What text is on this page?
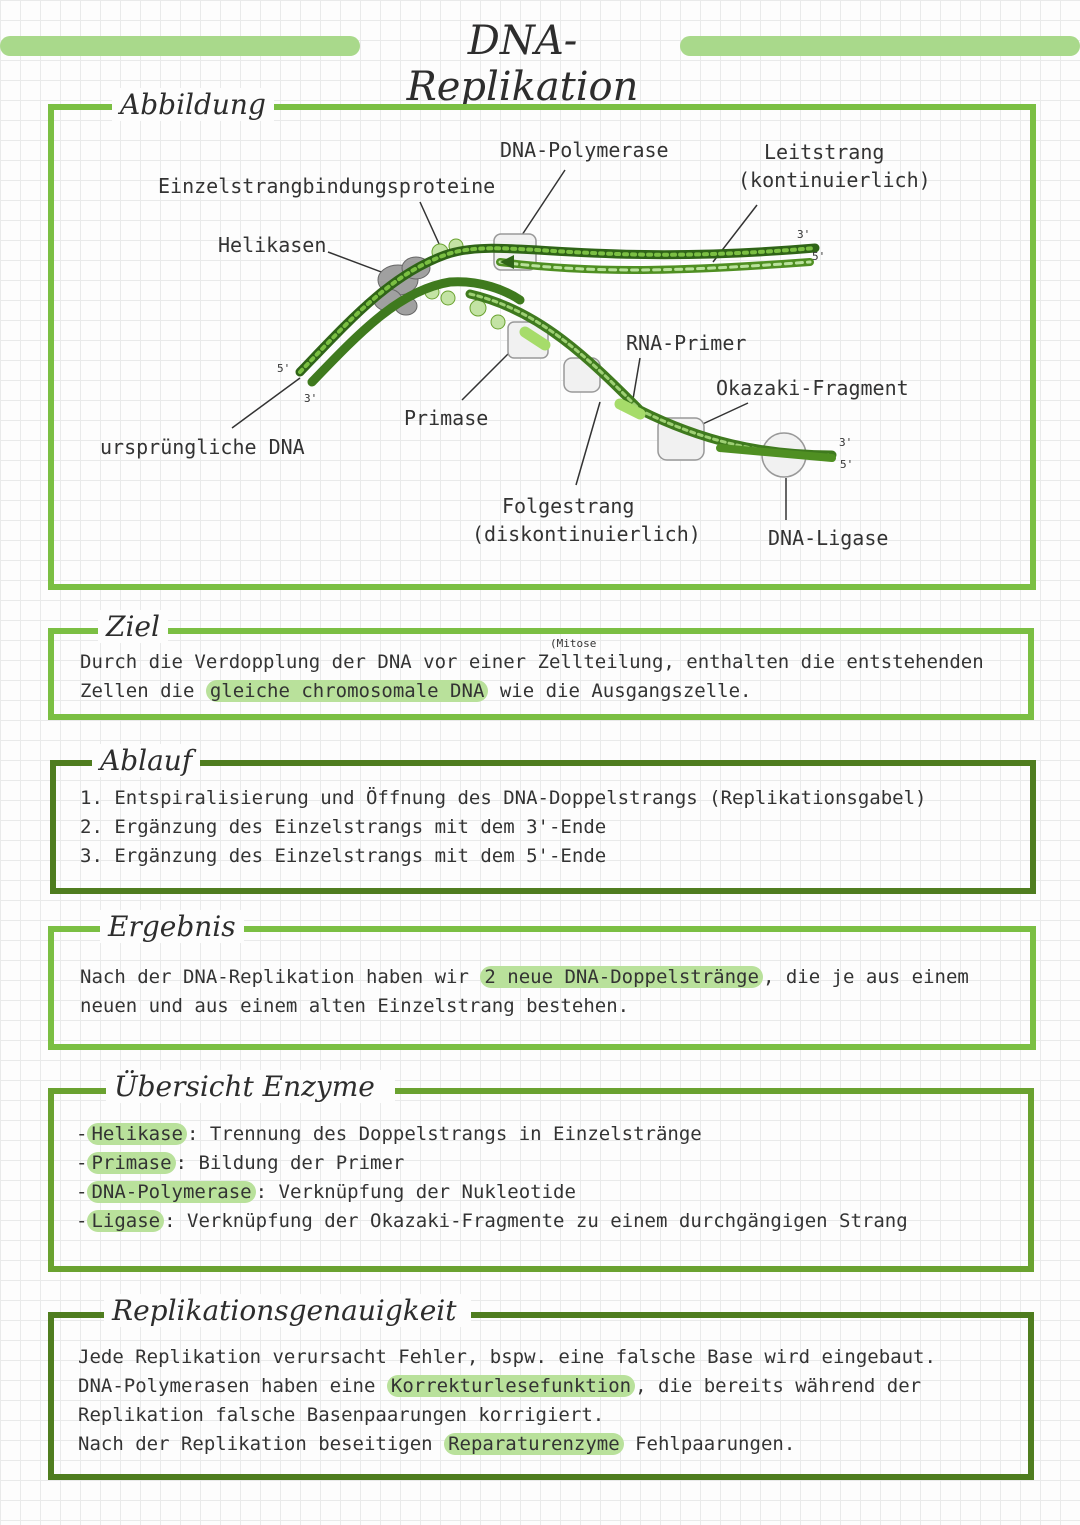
DNA-Replikation
Abbildung
DNA-Polymerase	Leitstrang
(kontinuierlich)
Einzelstrangbindungsproteine
Helikasen
RNA-Primer
Okazaki-Fragment
Primase
ursprüngliche DNA
Folgestrang
(diskontinuierlich)	DNA-Ligase
5'
3'
3'
5'
3'
5'
Ziel
(Mitose
Durch die Verdopplung der DNA vor einer Zellteilung, enthalten die entstehenden
Zellen die gleiche chromosomale DNA wie die Ausgangszelle.
Ablauf
1. Entspiralisierung und Öffnung des DNA-Doppelstrangs (Replikationsgabel)
2. Ergänzung des Einzelstrangs mit dem 3'-Ende
3. Ergänzung des Einzelstrangs mit dem 5'-Ende
Ergebnis
Nach der DNA-Replikation haben wir 2 neue DNA-Doppelstränge , die je aus einem
neuen und aus einem alten Einzelstrang bestehen.
Übersicht Enzyme
- Helikase : Trennung des Doppelstrangs in Einzelstränge
- Primase : Bildung der Primer
- DNA-Polymerase : Verknüpfung der Nukleotide
- Ligase : Verknüpfung der Okazaki-Fragmente zu einem durchgängigen Strang
Replikationsgenauigkeit
Jede Replikation verursacht Fehler, bspw. eine falsche Base wird eingebaut.
DNA-Polymerasen haben eine Korrekturlesefunktion , die bereits während der
Replikation falsche Basenpaarungen korrigiert.
Nach der Replikation beseitigen Reparaturenzyme Fehlpaarungen.
